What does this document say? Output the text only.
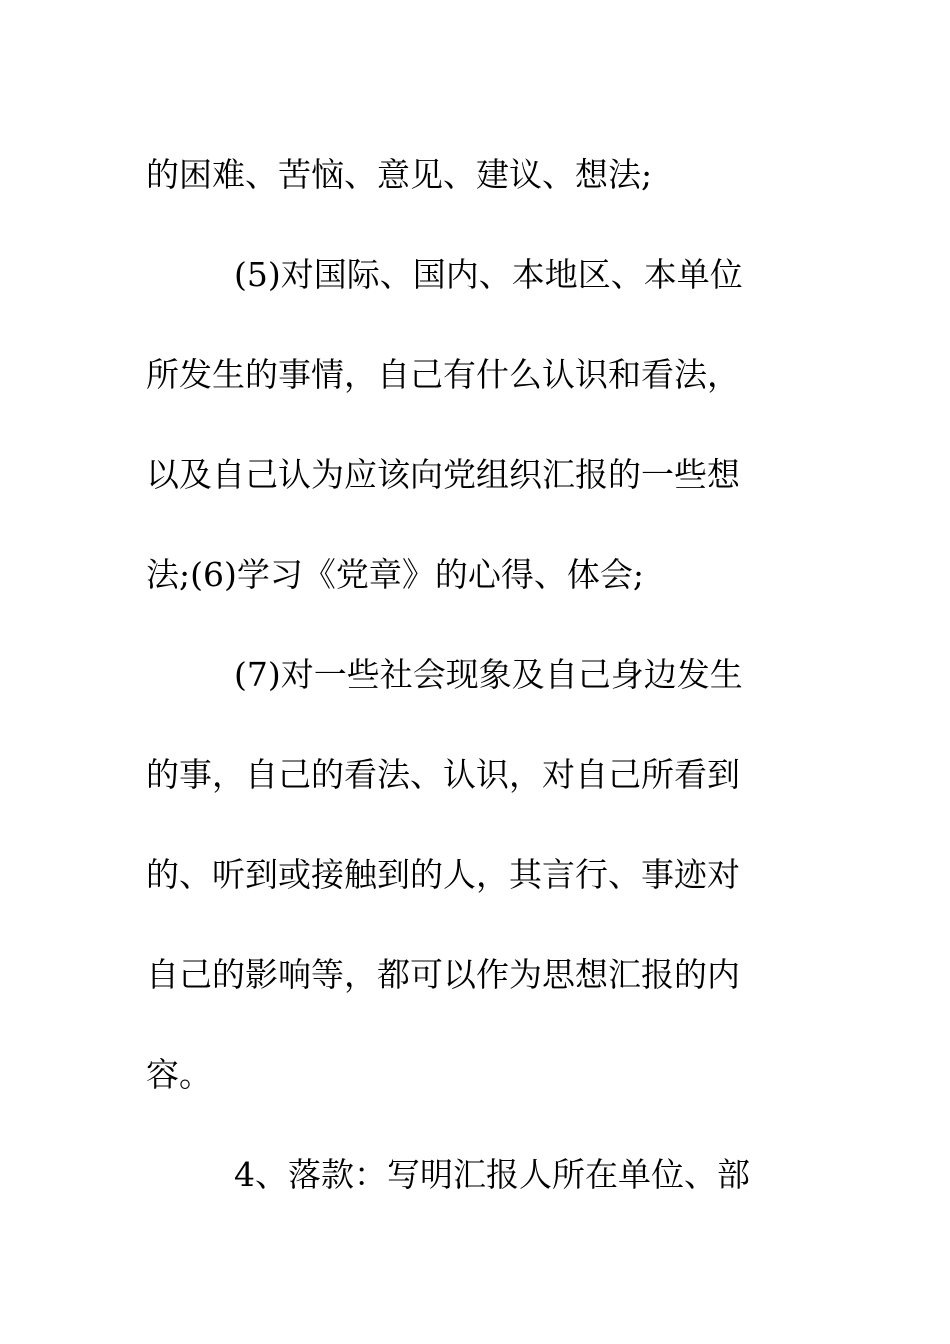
的困难、苦恼、意见、建议、想法;
(5)对国际、国内、本地区、本单位
所发生的事情，自己有什么认识和看法，
以及自己认为应该向党组织汇报的一些想
法;(6)学习《党章》的心得、体会;
(7)对一些社会现象及自己身边发生
的事，自己的看法、认识，对自己所看到
的、听到或接触到的人，其言行、事迹对
自己的影响等，都可以作为思想汇报的内
容。
4、落款：写明汇报人所在单位、部
